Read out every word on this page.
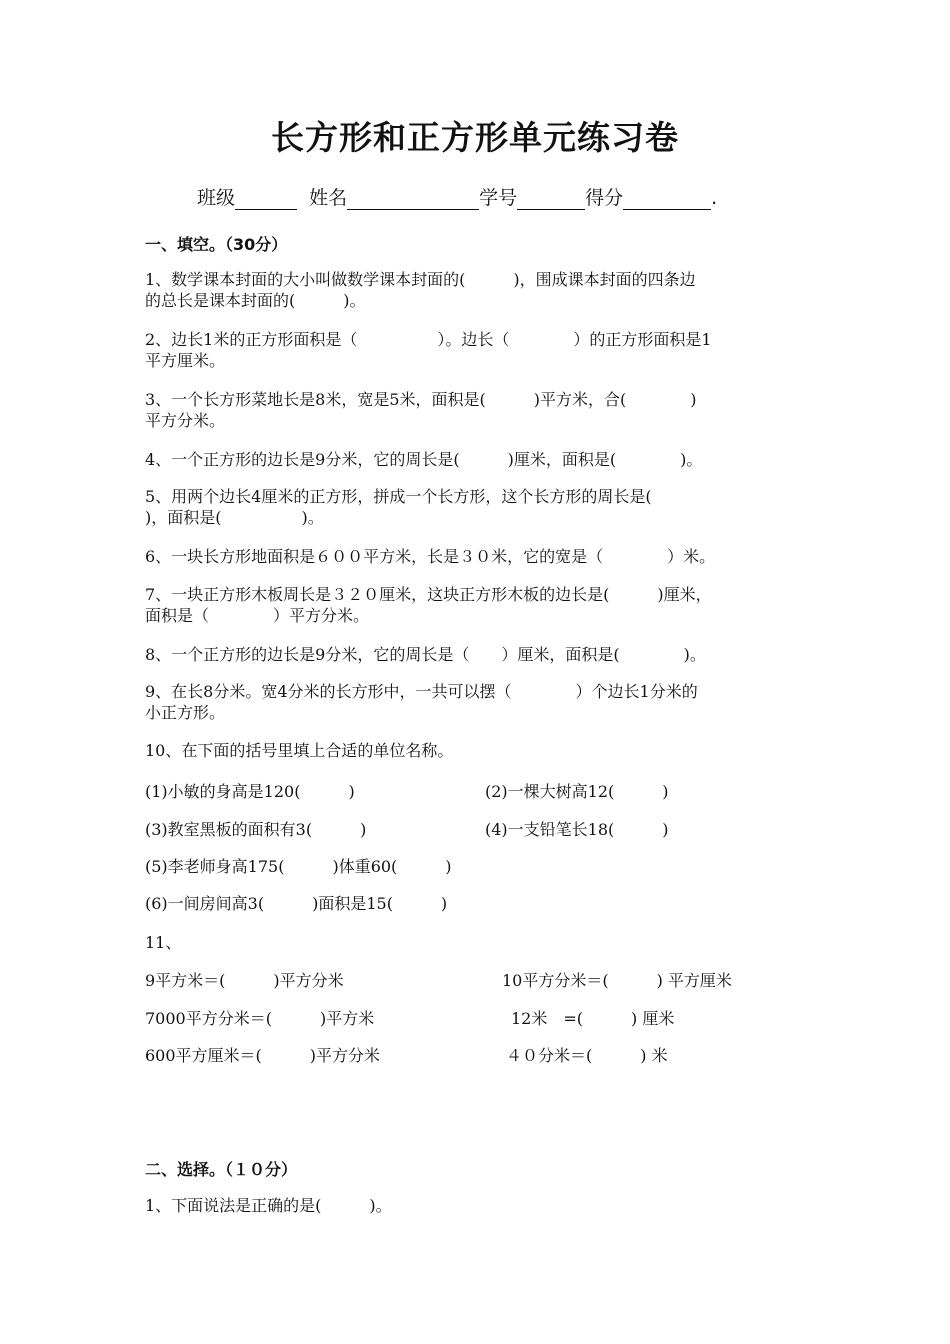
长方形和正方形单元练习卷
班级	姓名	学号	得分	.
一、填空。（30分）
1、数学课本封面的大小叫做数学课本封面的(　　　)，围成课本封面的四条边
的总长是课本封面的(　　　)。
2、边长1米的正方形面积是（　　　　　）。边长（　　　　）的正方形面积是1
平方厘米。
3、一个长方形菜地长是8米，宽是5米，面积是(　　　)平方米，合(　　　　)
平方分米。
4、一个正方形的边长是9分米，它的周长是(　　　)厘米，面积是(　　　　)。
5、用两个边长4厘米的正方形，拼成一个长方形，这个长方形的周长是(
)，面积是(　　　　　)。
6、一块长方形地面积是６００平方米，长是３０米，它的宽是（　　　　）米。
7、一块正方形木板周长是３２０厘米，这块正方形木板的边长是(　　　)厘米，
面积是（　　　　）平方分米。
8、一个正方形的边长是9分米，它的周长是（　　）厘米，面积是(　　　　)。
9、在长8分米。宽4分米的长方形中，一共可以摆（　　　　）个边长1分米的
小正方形。
10、在下面的括号里填上合适的单位名称。
(1)小敏的身高是120(　　　)	(2)一棵大树高12(　　　)
(3)教室黑板的面积有3(　　　)	(4)一支铅笔长18(　　　)
(5)李老师身高175(　　　)体重60(　　　)
(6)一间房间高3(　　　)面积是15(　　　)
11、
9平方米＝(　　　)平方分米	10平方分米＝(　　　) 平方厘米
7000平方分米＝(　　　)平方米	12米　=(　　　) 厘米
600平方厘米＝(　　　)平方分米	４０分米＝(　　　) 米
二、选择。（１０分）
1、下面说法是正确的是(　　　)。
